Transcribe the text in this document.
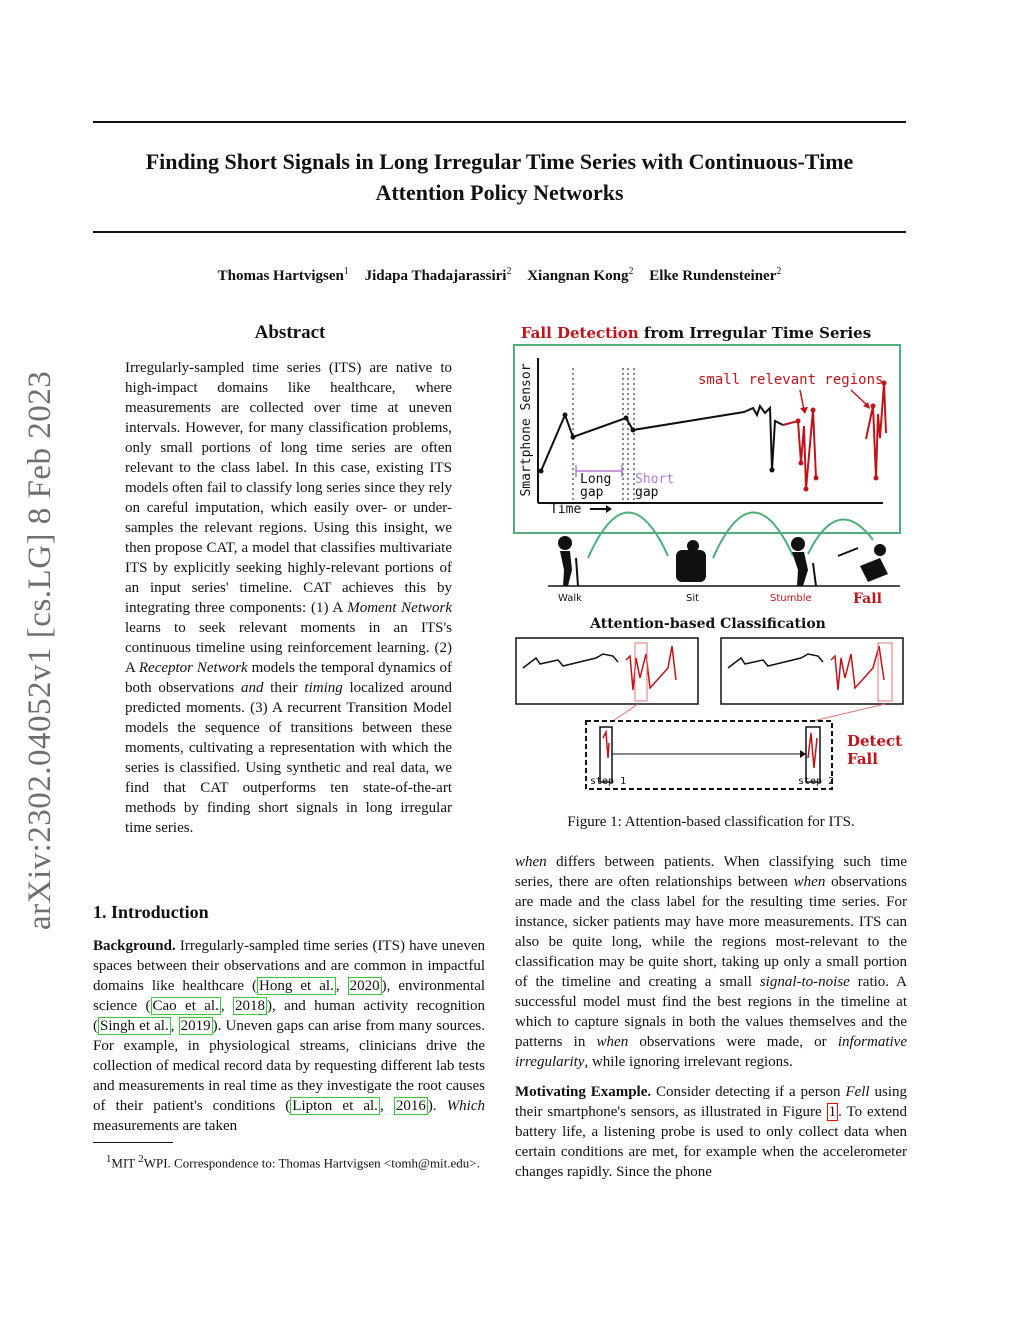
Finding Short Signals in Long Irregular Time Series with Continuous-Time
Attention Policy Networks
Thomas Hartvigsen$^1$ Jidapa Thadajarassiri$^2$ Xiangnan Kong$^2$ Elke Rundensteiner$^2$
arXiv:2302.04052v1 [cs.LG] 8 Feb 2023
Abstract
Irregularly-sampled time series (ITS) are native to high-impact domains like healthcare, where measurements are collected over time at uneven intervals. However, for many classification problems, only small portions of long time series are often relevant to the class label. In this case, existing ITS models often fail to classify long series since they rely on careful imputation, which easily over- or under-samples the relevant regions. Using this insight, we then propose CAT, a model that classifies multivariate ITS by explicitly seeking highly-relevant portions of an input series' timeline. CAT achieves this by integrating three components: (1) A Moment Network learns to seek relevant moments in an ITS's continuous timeline using reinforcement learning. (2) A Receptor Network models the temporal dynamics of both observations and their timing localized around predicted moments. (3) A recurrent Transition Model models the sequence of transitions between these moments, cultivating a representation with which the series is classified. Using synthetic and real data, we find that CAT outperforms ten state-of-the-art methods by finding short signals in long irregular time series.
1. Introduction
Background. Irregularly-sampled time series (ITS) have uneven spaces between their observations and are common in impactful domains like healthcare ( Hong et al. , 2020 ), environmental science ( Cao et al. , 2018 ), and human activity recognition ( Singh et al. , 2019 ). Uneven gaps can arise from many sources. For example, in physiological streams, clinicians drive the collection of medical record data by requesting different lab tests and measurements in real time as they investigate the root causes of their patient's conditions ( Lipton et al. , 2016 ). Which measurements are taken
$^1$MIT $^2$WPI. Correspondence to: Thomas Hartvigsen <tomh@mit.edu>.
Figure 1: Attention-based classification for ITS.

when differs between patients. When classifying such time series, there are often relationships between when observations are made and the class label for the resulting time series. For instance, sicker patients may have more measurements. ITS can also be quite long, while the regions most-relevant to the classification may be quite short, taking up only a small portion of the timeline and creating a small signal-to-noise ratio. A successful model must find the best regions in the timeline at which to capture signals in both the values themselves and the patterns in when observations were made, or informative irregularity, while ignoring irrelevant regions.

Motivating Example. Consider detecting if a person Fell using their smartphone's sensors, as illustrated in Figure 1 . To extend battery life, a listening probe is used to only collect data when certain conditions are met, for example when the accelerometer changes rapidly. Since the phone

Fall Detection from Irregular Time Series
Smartphone Sensor
Time
Long
gap
Short
gap
small relevant regions
Walk	Sit	Stumble	Fall
Attention-based Classification
step 1	step 2
Detect
Fall
